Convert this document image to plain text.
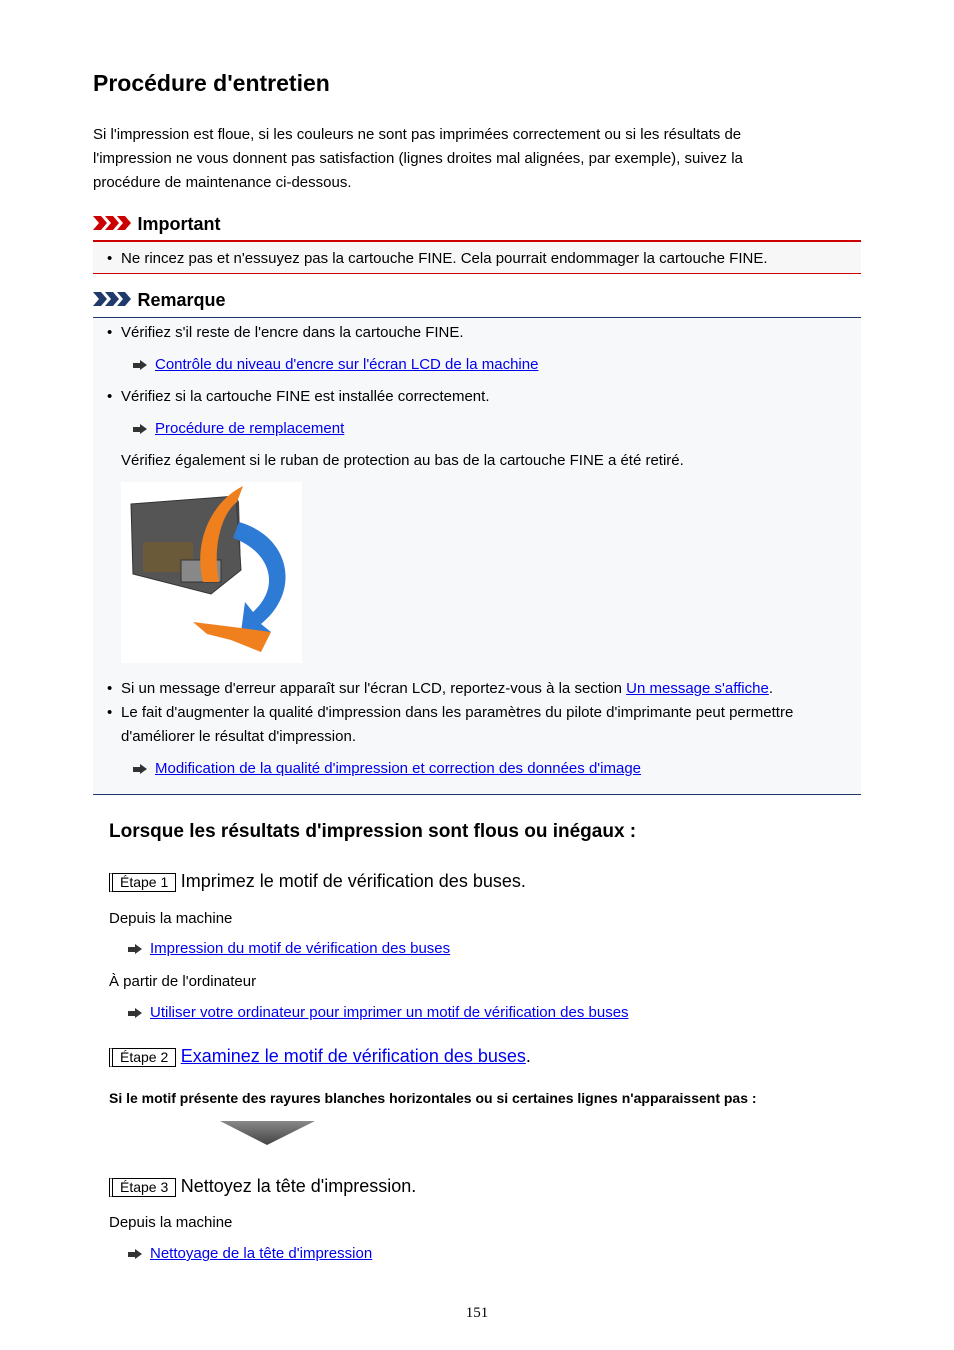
Procédure d'entretien
Si l'impression est floue, si les couleurs ne sont pas imprimées correctement ou si les résultats de l'impression ne vous donnent pas satisfaction (lignes droites mal alignées, par exemple), suivez la procédure de maintenance ci-dessous.
Important
• Ne rincez pas et n'essuyez pas la cartouche FINE. Cela pourrait endommager la cartouche FINE.
Remarque
• Vérifiez s'il reste de l'encre dans la cartouche FINE.
Contrôle du niveau d'encre sur l'écran LCD de la machine
• Vérifiez si la cartouche FINE est installée correctement.
Procédure de remplacement
Vérifiez également si le ruban de protection au bas de la cartouche FINE a été retiré.
• Si un message d'erreur apparaît sur l'écran LCD, reportez-vous à la section Un message s'affiche.
• Le fait d'augmenter la qualité d'impression dans les paramètres du pilote d'imprimante peut permettre d'améliorer le résultat d'impression.
Modification de la qualité d'impression et correction des données d'image
Lorsque les résultats d'impression sont flous ou inégaux :
Étape 1 Imprimez le motif de vérification des buses.
Depuis la machine
Impression du motif de vérification des buses
À partir de l'ordinateur
Utiliser votre ordinateur pour imprimer un motif de vérification des buses
Étape 2 Examinez le motif de vérification des buses.
Si le motif présente des rayures blanches horizontales ou si certaines lignes n'apparaissent pas :
Étape 3 Nettoyez la tête d'impression.
Depuis la machine
Nettoyage de la tête d'impression
151
